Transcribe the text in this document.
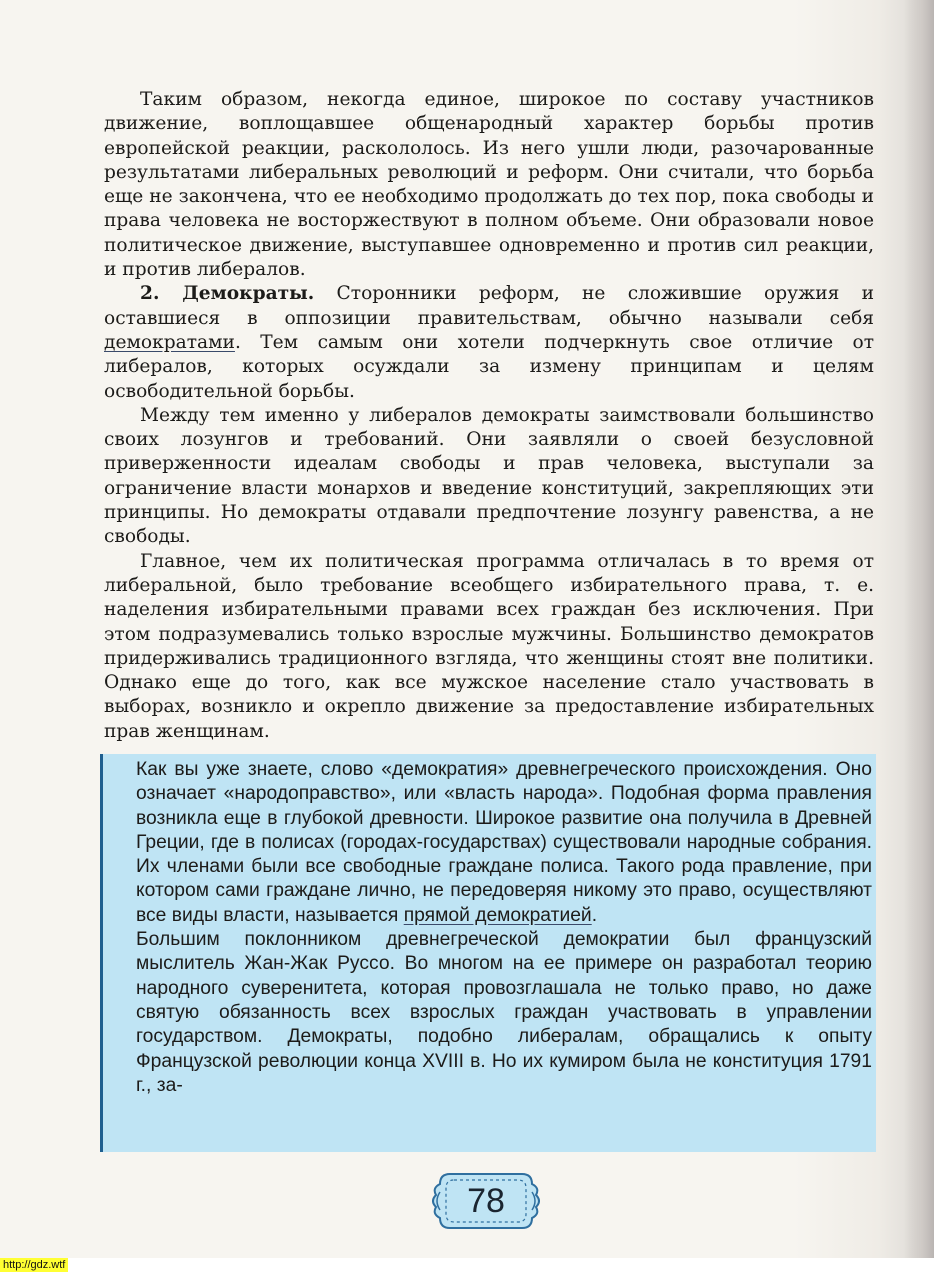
Таким образом, некогда единое, широкое по составу участников движение, воплощавшее общенародный характер борьбы против европейской реакции, раскололось. Из него ушли люди, разочарованные результатами либеральных революций и реформ. Они считали, что борьба еще не закончена, что ее необходимо продолжать до тех пор, пока свободы и права человека не восторжествуют в полном объеме. Они образовали новое политическое движение, выступавшее одновременно и против сил реакции, и против либералов.

2. Демократы. Сторонники реформ, не сложившие оружия и оставшиеся в оппозиции правительствам, обычно называли себя демократами. Тем самым они хотели подчеркнуть свое отличие от либералов, которых осуждали за измену принципам и целям освободительной борьбы.

Между тем именно у либералов демократы заимствовали большинство своих лозунгов и требований. Они заявляли о своей безусловной приверженности идеалам свободы и прав человека, выступали за ограничение власти монархов и введение конституций, закрепляющих эти принципы. Но демократы отдавали предпочтение лозунгу равенства, а не свободы.

Главное, чем их политическая программа отличалась в то время от либеральной, было требование всеобщего избирательного права, т. е. наделения избирательными правами всех граждан без исключения. При этом подразумевались только взрослые мужчины. Большинство демократов придерживались традиционного взгляда, что женщины стоят вне политики. Однако еще до того, как все мужское население стало участвовать в выборах, возникло и окрепло движение за предоставление избирательных прав женщинам.

Как вы уже знаете, слово «демократия» древнегреческого происхождения. Оно означает «народоправство», или «власть народа». Подобная форма правления возникла еще в глубокой древности. Широкое развитие она получила в Древней Греции, где в полисах (городах-государствах) существовали народные собрания. Их членами были все свободные граждане полиса. Такого рода правление, при котором сами граждане лично, не передоверяя никому это право, осуществляют все виды власти, называется прямой демократией.

Большим поклонником древнегреческой демократии был французский мыслитель Жан-Жак Руссо. Во многом на ее примере он разработал теорию народного суверенитета, которая провозглашала не только право, но даже святую обязанность всех взрослых граждан участвовать в управлении государством. Демократы, подобно либералам, обращались к опыту Французской революции конца XVIII в. Но их кумиром была не конституция 1791 г., за-

78
http://gdz.wtf
